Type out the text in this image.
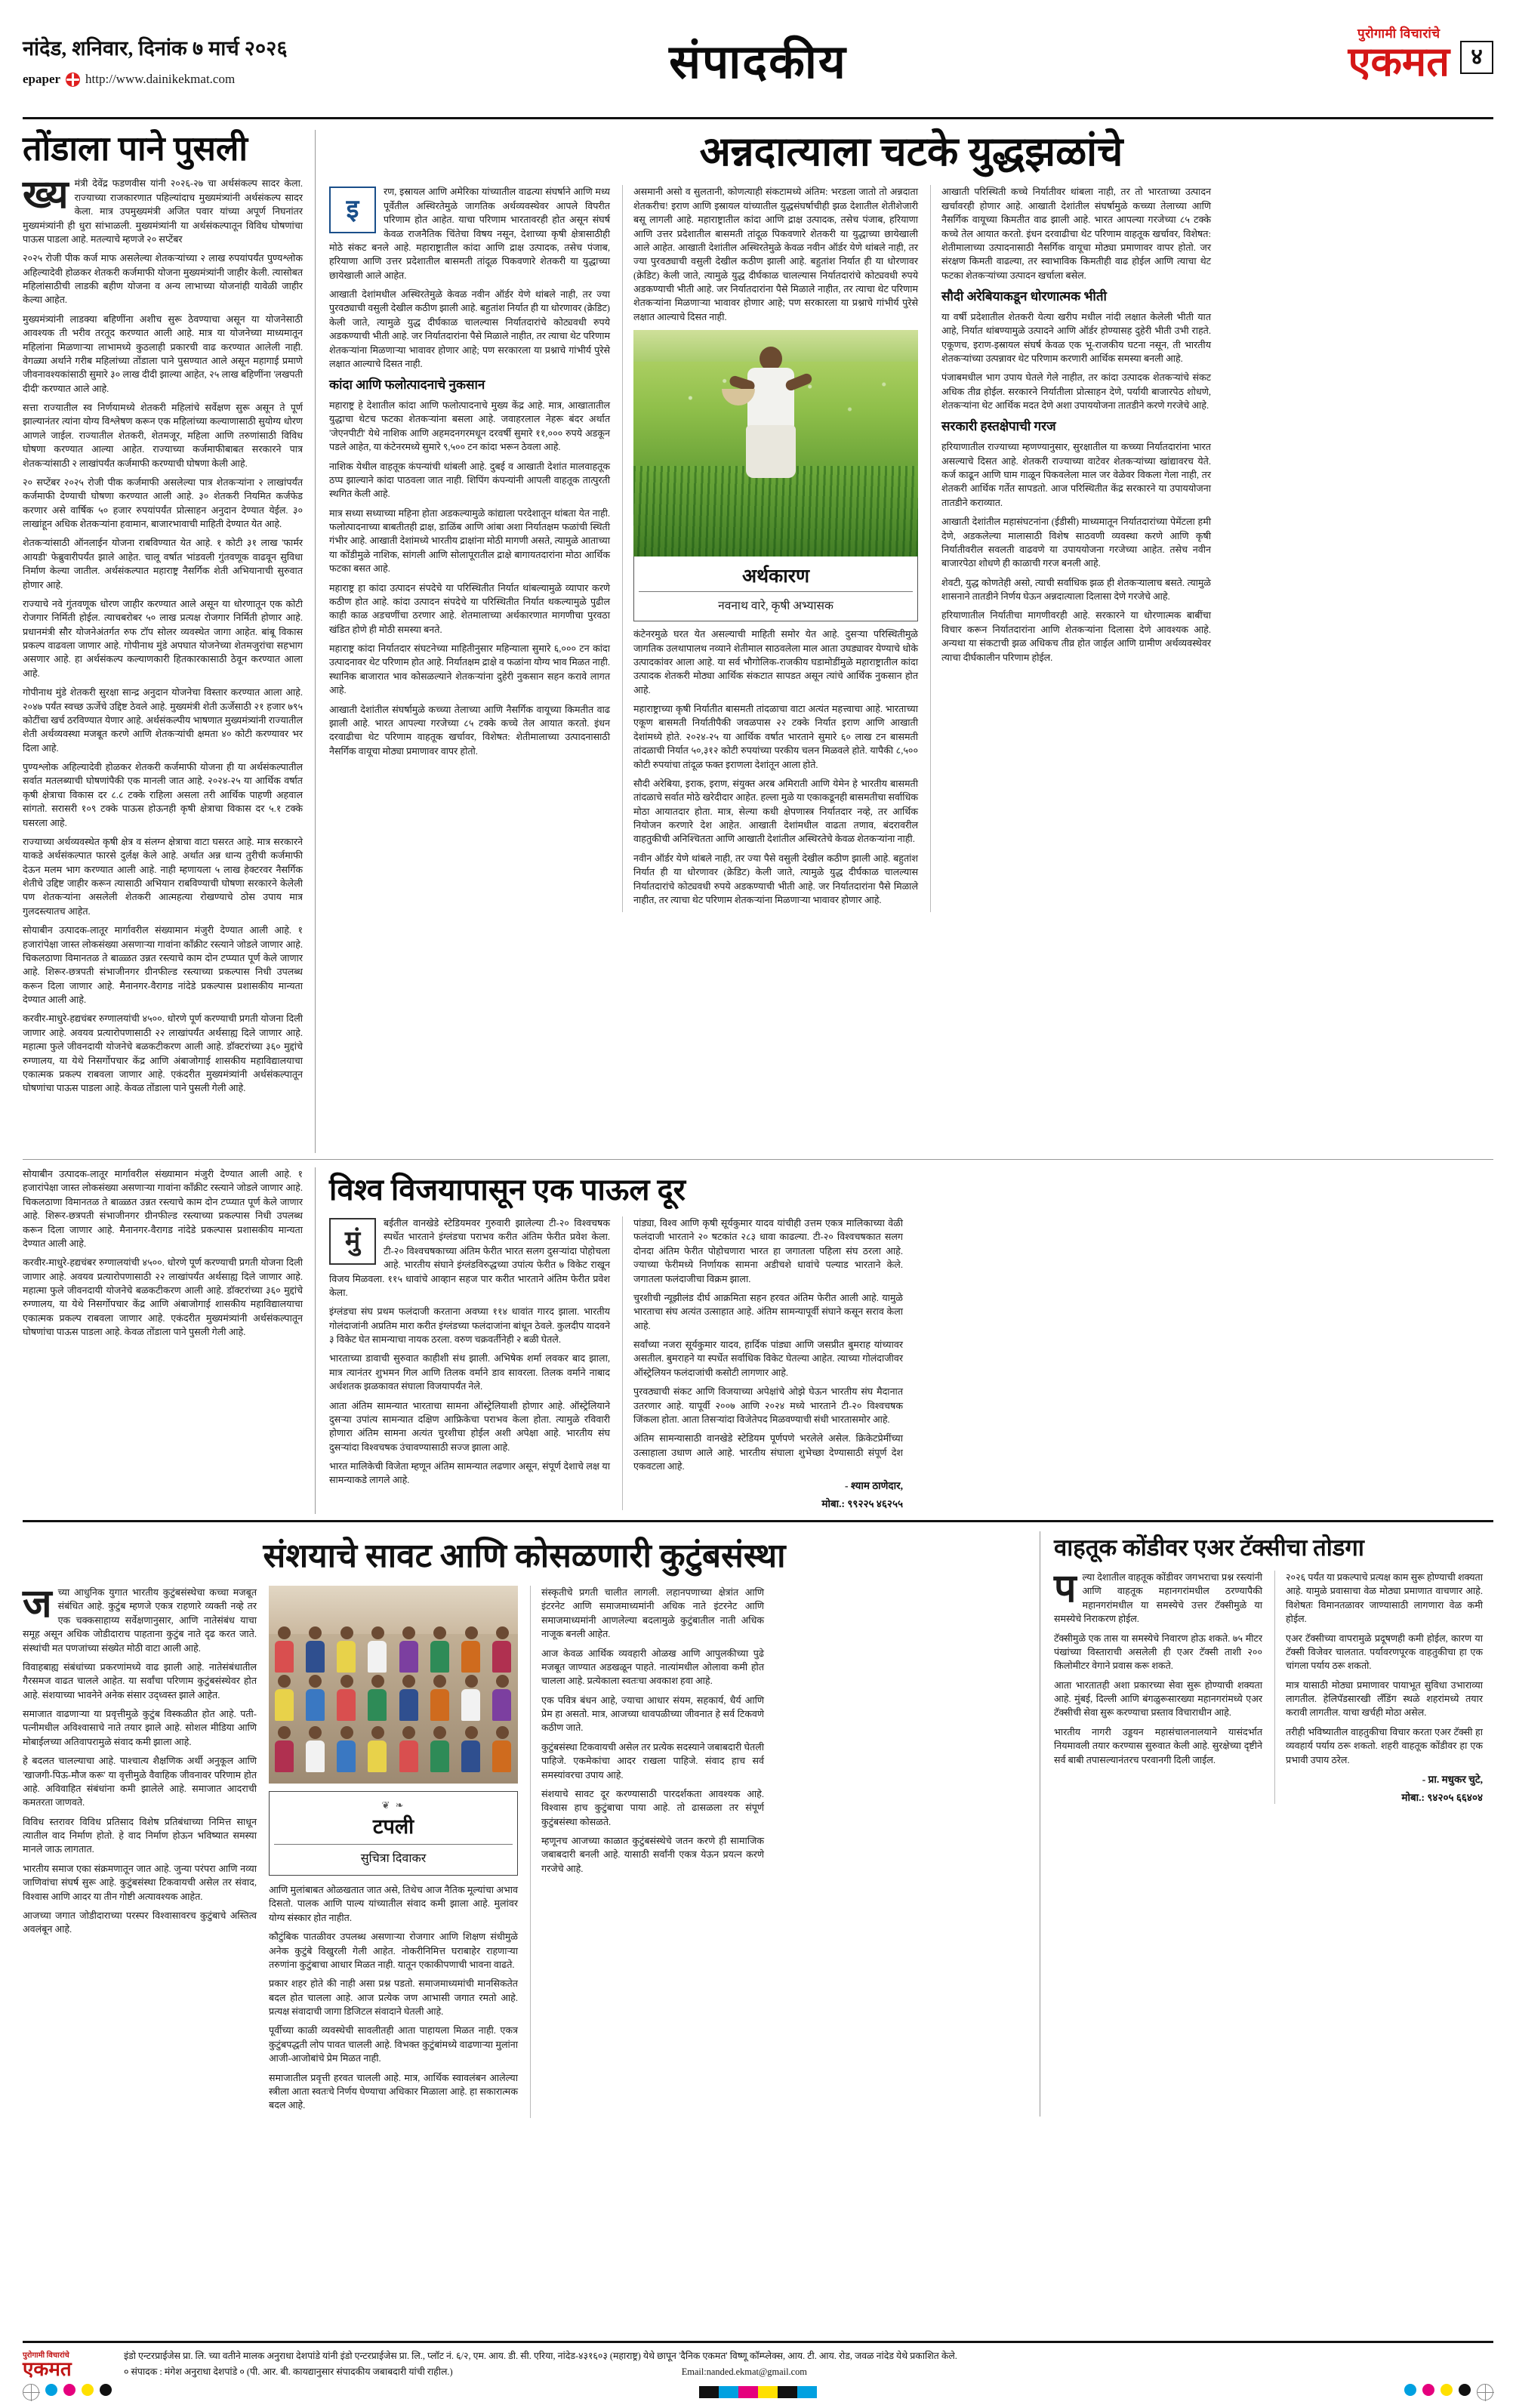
नांदेड, शनिवार, दिनांक ७ मार्च २०२६
epaper http://www.dainikekmat.com	संपादकीय
पुरोगामी विचारांचे
एकमत ४
तोंडाला पाने पुसली

ख्यमंत्री देवेंद्र फडणवीस यांनी २०२६-२७ चा अर्थसंकल्प सादर केला. राज्याच्या राजकारणात पहिल्यांदाच मुख्यमंत्र्यांनी अर्थसंकल्प सादर केला. मात्र उपमुख्यमंत्री अजित पवार यांच्या अपूर्ण निघनांतर मुख्यमंत्र्यांनी ही धुरा सांभाळली. मुख्यमंत्र्यांनी या अर्थसंकल्पातून विविध घोषणांचा पाऊस पाडला आहे. मतल्याचे म्हणजे २० सप्टेंबर

२०२५ रोजी पीक कर्ज माफ असलेल्या शेतकऱ्यांच्या २ लाख रुपयांपर्यंत पुण्यश्लोक अहिल्यादेवी होळकर शेतकरी कर्जमाफी योजना मुख्यमंत्र्यांनी जाहीर केली. त्यासोबत महिलांसाठीची लाडकी बहीण योजना व अन्य लाभाच्या योजनांही यावेळी जाहीर केल्या आहेत.

मुख्यमंत्र्यांनी लाडक्या बहिणींना अशीच सुरू ठेवण्याचा असून या योजनेसाठी आवश्यक ती भरीव तरतूद करण्यात आली आहे. मात्र या योजनेच्या माध्यमातून महिलांना मिळणाऱ्या लाभामध्ये कुठलाही प्रकारची वाढ करण्यात आलेली नाही. वेगळ्या अर्थाने गरीब महिलांच्या तोंडाला पाने पुसण्यात आले असून महागाई प्रमाणे जीवनावश्यकांसाठी सुमारे ३० लाख दीदी झाल्या आहेत, २५ लाख बहिणींना 'लखपती दीदी' करण्यात आले आहे.

सत्ता राज्यातील स्व निर्णयामध्ये शेतकरी महिलांचे सर्वेक्षण सुरू असून ते पूर्ण झाल्यानंतर त्यांना योग्य विश्लेषण करून एक महिलांच्या कल्याणासाठी सुयोग्य धोरण आणले जाईल. राज्यातील शेतकरी, शेतमजूर, महिला आणि तरुणांसाठी विविध घोषणा करण्यात आल्या आहेत. राज्याच्या कर्जमाफीबाबत सरकारने पात्र शेतकऱ्यांसाठी २ लाखांपर्यंत कर्जमाफी करण्याची घोषणा केली आहे.

२० सप्टेंबर २०२५ रोजी पीक कर्जमाफी असलेल्या पात्र शेतकऱ्यांना २ लाखांपर्यंत कर्जमाफी देण्याची घोषणा करण्यात आली आहे. ३० शेतकरी नियमित कर्जफेड करणार असे वार्षिक ५० हजार रुपयांपर्यंत प्रोत्साहन अनुदान देण्यात येईल. ३० लाखांहून अधिक शेतकऱ्यांना हवामान, बाजारभावाची माहिती देण्यात येत आहे.

शेतकऱ्यांसाठी ऑनलाईन योजना राबविण्यात येत आहे. १ कोटी ३१ लाख 'फार्मर आयडी' फेब्रुवारीपर्यंत झाले आहेत. चालू वर्षात भांडवली गुंतवणूक वाढवून सुविधा निर्माण केल्या जातील. अर्थसंकल्पात महाराष्ट्र नैसर्गिक शेती अभियानाची सुरुवात होणार आहे.

राज्याचे नवे गुंतवणूक धोरण जाहीर करण्यात आले असून या धोरणातून एक कोटी रोजगार निर्मिती होईल. त्याचबरोबर ५० लाख प्रत्यक्ष रोजगार निर्मिती होणार आहे. प्रधानमंत्री सौर योजनेअंतर्गत रुफ टॉप सोलर व्यवस्थेत जागा आहेत. बांबू विकास प्रकल्प वाढवला जाणार आहे. गोपीनाथ मुंडे अपघात योजनेच्या शेतमजुरांचा सहभाग असणार आहे. हा अर्थसंकल्प कल्याणकारी हितकारकासाठी ठेवून करण्यात आला आहे.

गोपीनाथ मुंडे शेतकरी सुरक्षा सान्द्र अनुदान योजनेचा विस्तार करण्यात आला आहे. २०४७ पर्यंत स्वच्छ ऊर्जेचे उद्दिष्ट ठेवले आहे. मुख्यमंत्री शेती ऊर्जेसाठी २१ हजार ७९५ कोटींचा खर्च ठरविण्यात येणार आहे. अर्थसंकल्पीय भाषणात मुख्यमंत्र्यांनी राज्यातील शेती अर्थव्यवस्था मजबूत करणे आणि शेतकऱ्यांची क्षमता ४० कोटी करण्यावर भर दिला आहे.

पुण्यश्लोक अहिल्यादेवी होळकर शेतकरी कर्जमाफी योजना ही या अर्थसंकल्पातील सर्वात मतलब्याची घोषणांपैकी एक मानली जात आहे. २०२४-२५ या आर्थिक वर्षात कृषी क्षेत्राचा विकास दर ८.८ टक्के राहिला असला तरी आर्थिक पाहणी अहवाल सांगतो. सरासरी १०९ टक्के पाऊस होऊनही कृषी क्षेत्राचा विकास दर ५.१ टक्के घसरला आहे.

राज्याच्या अर्थव्यवस्थेत कृषी क्षेत्र व संलग्न क्षेत्राचा वाटा घसरत आहे. मात्र सरकारने याकडे अर्थसंकल्पात फारसे दुर्लक्ष केले आहे. अर्थात अन्न धान्य तुरीची कर्जमाफी देऊन मलम भाग करण्यात आली आहे. नाही म्हणायला ५ लाख हेक्टरवर नैसर्गिक शेतीचे उद्दिष्ट जाहीर करून त्यासाठी अभियान राबविण्याची घोषणा सरकारने केलेली पण शेतकऱ्यांना असलेली शेतकरी आत्महत्या रोखण्याचे ठोस उपाय मात्र गुलदस्त्यातच आहेत.

सोयाबीन उत्पादक-लातूर मार्गावरील संख्यामान मंजुरी देण्यात आली आहे. १ हजारांपेक्षा जास्त लोकसंख्या असणाऱ्या गावांना कॉंक्रीट रस्त्याने जोडले जाणार आहे. चिकलठाणा विमानतळ ते बाळ्ळत उन्नत रस्त्याचे काम दोन टप्प्यात पूर्ण केले जाणार आहे. शिरूर-छत्रपती संभाजीनगर ग्रीनफील्ड रस्त्याच्या प्रकल्पास निधी उपलब्ध करून दिला जाणार आहे. मैनानगर-वैरागड नांदेडे प्रकल्पास प्रशासकीय मान्यता देण्यात आली आहे.

करवीर-माधुरे-हद्यचंबर रुग्णालयांची ४५००. धोरणे पूर्ण करण्याची प्रगती योजना दिली जाणार आहे. अवयव प्रत्यारोपणासाठी २२ लाखांपर्यंत अर्थसाह्य दिले जाणार आहे. महात्मा फुले जीवनदायी योजनेचे बळकटीकरण आली आहे. डॉक्टरांच्या ३६० मुद्दांचे रुग्णालय, या येथे निसर्गोपचार केंद्र आणि अंबाजोगाई शासकीय महाविद्यालयाचा एकात्मक प्रकल्प राबवला जाणार आहे. एकंदरीत मुख्यमंत्र्यांनी अर्थसंकल्पातून घोषणांचा पाऊस पाडला आहे. केवळ तोंडाला पाने पुसली गेली आहे.

अन्नदात्याला चटके युद्धझळांचे
इ

रण, इस्रायल आणि अमेरिका यांच्यातील वाढत्या संघर्षाने आणि मध्य पूर्वेतील अस्थिरतेमुळे जागतिक अर्थव्यवस्थेवर आपले विपरीत परिणाम होत आहेत. याचा परिणाम भारतावरही होत असून संघर्ष केवळ राजनैतिक चिंतेचा विषय नसून, देशाच्या कृषी क्षेत्रासाठीही मोठे संकट बनले आहे. महाराष्ट्रातील कांदा आणि द्राक्ष उत्पादक, तसेच पंजाब, हरियाणा आणि उत्तर प्रदेशातील बासमती तांदूळ पिकवणारे शेतकरी या युद्धाच्या छायेखाली आले आहेत.

आखाती देशांमधील अस्थिरतेमुळे केवळ नवीन ऑर्डर येणे थांबले नाही, तर ज्या पुरवठ्याची वसुली देखील कठीण झाली आहे. बहुतांश निर्यात ही या धोरणावर (क्रेडिट) केली जाते, त्यामुळे युद्ध दीर्घकाळ चालल्यास निर्यातदारांचे कोट्यवधी रुपये अडकण्याची भीती आहे. जर निर्यातदारांना पैसे मिळाले नाहीत, तर त्याचा थेट परिणाम शेतकऱ्यांना मिळणाऱ्या भावावर होणार आहे; पण सरकारला या प्रश्नाचे गांभीर्य पुरेसे लक्षात आल्याचे दिसत नाही.

कांदा आणि फलोत्पादनाचे नुकसान

महाराष्ट्र हे देशातील कांदा आणि फलोत्पादनाचे मुख्य केंद्र आहे. मात्र, आखातातील युद्धाचा थेटच फटका शेतकऱ्यांना बसला आहे. जवाहरलाल नेहरू बंदर अर्थात 'जेएनपीटी' येथे नाशिक आणि अहमदनगरमधून दरवर्षी सुमारे ११,००० रुपये अडकून पडले आहेत, या कंटेनरमध्ये सुमारे ९,५०० टन कांदा भरून ठेवला आहे.

नाशिक येथील वाहतूक कंपन्यांची थांबली आहे. दुबई व आखाती देशांत मालवाहतूक ठप्प झाल्याने कांदा पाठवला जात नाही. शिपिंग कंपन्यांनी आपली वाहतूक तात्पुरती स्थगित केली आहे.

मात्र सध्या सध्याच्या महिना होता अडकल्यामुळे कांद्याला परदेशातून थांबता येत नाही. फलोत्पादनाच्या बाबतीतही द्राक्ष, डाळिंब आणि आंबा अशा निर्यातक्षम फळांची स्थिती गंभीर आहे. आखाती देशांमध्ये भारतीय द्राक्षांना मोठी मागणी असते, त्यामुळे आताच्या या कोंडीमुळे नाशिक, सांगली आणि सोलापूरातील द्राक्षे बागायतदारांना मोठा आर्थिक फटका बसत आहे.

महाराष्ट्र हा कांदा उत्पादन संपदेचे या परिस्थितीत निर्यात थांबल्यामुळे व्यापार करणे कठीण होत आहे. कांदा उत्पादन संपदेचे या परिस्थितीत निर्यात थकल्यामुळे पुढील काही काळ अडचणींचा ठरणार आहे. शेतमालाच्या अर्थकारणात मागणीचा पुरवठा खंडित होणे ही मोठी समस्या बनते.

महाराष्ट्र कांदा निर्यातदार संघटनेच्या माहितीनुसार महिन्याला सुमारे ६,००० टन कांदा उत्पादनावर थेट परिणाम होत आहे. निर्यातक्षम द्राक्षे व फळांना योग्य भाव मिळत नाही. स्थानिक बाजारात भाव कोसळल्याने शेतकऱ्यांना दुहेरी नुकसान सहन करावे लागत आहे.

आखाती देशांतील संघर्षामुळे कच्च्या तेलाच्या आणि नैसर्गिक वायूच्या किमतीत वाढ झाली आहे. भारत आपल्या गरजेच्या ८५ टक्के कच्चे तेल आयात करतो. इंधन दरवाढीचा थेट परिणाम वाहतूक खर्चावर, विशेषत: शेतीमालाच्या उत्पादनासाठी नैसर्गिक वायूचा मोठ्या प्रमाणावर वापर होतो.

असमानी असो व सुलतानी, कोणत्याही संकटामध्ये अंतिम: भरडला जातो तो अन्नदाता शेतकरीच! इराण आणि इस्रायल यांच्यातील युद्धसंघर्षाचीही झळ देशातील शेतीशेजारी बसू लागली आहे. महाराष्ट्रातील कांदा आणि द्राक्ष उत्पादक, तसेच पंजाब, हरियाणा आणि उत्तर प्रदेशातील बासमती तांदूळ पिकवणारे शेतकरी या युद्धाच्या छायेखाली आले आहेत. आखाती देशांतील अस्थिरतेमुळे केवळ नवीन ऑर्डर येणे थांबले नाही, तर ज्या पुरवठ्याची वसुली देखील कठीण झाली आहे. बहुतांश निर्यात ही या धोरणावर (क्रेडिट) केली जाते, त्यामुळे युद्ध दीर्घकाळ चालल्यास निर्यातदारांचे कोट्यवधी रुपये अडकण्याची भीती आहे. जर निर्यातदारांना पैसे मिळाले नाहीत, तर त्याचा थेट परिणाम शेतकऱ्यांना मिळणाऱ्या भावावर होणार आहे; पण सरकारला या प्रश्नाचे गांभीर्य पुरेसे लक्षात आल्याचे दिसत नाही.

अर्थकारण
नवनाथ वारे, कृषी अभ्यासक

कंटेनरमुळे घरत येत असल्याची माहिती समोर येत आहे. दुसऱ्या परिस्थितीमुळे जागतिक उलथापालथ नव्याने शेतीमाल साठवलेला माल आता उघड्यावर येण्याचे धोके उत्पादकांवर आला आहे. या सर्व भौगोलिक-राजकीय घडामोडींमुळे महाराष्ट्रातील कांदा उत्पादक शेतकरी मोठ्या आर्थिक संकटात सापडत असून त्यांचे आर्थिक नुकसान होत आहे.

महाराष्ट्राच्या कृषी निर्यातीत बासमती तांदळाचा वाटा अत्यंत महत्त्वाचा आहे. भारताच्या एकूण बासमती निर्यातीपैकी जवळपास २२ टक्के निर्यात इराण आणि आखाती देशांमध्ये होते. २०२४-२५ या आर्थिक वर्षात भारताने सुमारे ६० लाख टन बासमती तांदळाची निर्यात ५०,३१२ कोटी रुपयांच्या परकीय चलन मिळवले होते. यापैकी ८,५०० कोटी रुपयांचा तांदूळ फक्त इराणला देशांतून आला होते.

सौदी अरेबिया, इराक, इराण, संयुक्त अरब अमिराती आणि येमेन हे भारतीय बासमती तांदळाचे सर्वात मोठे खरेदीदार आहेत. हल्ला मुळे या एकाकडूनही बासमतीचा सर्वाधिक मोठा आयातदार होता. मात्र, सेल्या कधी क्षेपणास्त्र निर्यातदार नव्हे, तर आर्थिक नियोजन करणारे देश आहेत. आखाती देशांमधील वाढता तणाव, बंदरावरील वाहतुकीची अनिश्चितता आणि आखाती देशांतील अस्थिरतेचे केवळ शेतकऱ्यांना नाही.

नवीन ऑर्डर येणे थांबले नाही, तर ज्या पैसे वसुली देखील कठीण झाली आहे. बहुतांश निर्यात ही या धोरणावर (क्रेडिट) केली जाते, त्यामुळे युद्ध दीर्घकाळ चालल्यास निर्यातदारांचे कोट्यवधी रुपये अडकण्याची भीती आहे. जर निर्यातदारांना पैसे मिळाले नाहीत, तर त्याचा थेट परिणाम शेतकऱ्यांना मिळणाऱ्या भावावर होणार आहे.

आखाती परिस्थिती कच्चे निर्यातीवर थांबला नाही, तर तो भारताच्या उत्पादन खर्चावरही होणार आहे. आखाती देशांतील संघर्षामुळे कच्च्या तेलाच्या आणि नैसर्गिक वायूच्या किमतीत वाढ झाली आहे. भारत आपल्या गरजेच्या ८५ टक्के कच्चे तेल आयात करतो. इंधन दरवाढीचा थेट परिणाम वाहतूक खर्चावर, विशेषत: शेतीमालाच्या उत्पादनासाठी नैसर्गिक वायूचा मोठ्या प्रमाणावर वापर होतो. जर संरक्षण किमती वाढल्या, तर स्वाभाविक किमतीही वाढ होईल आणि त्याचा थेट फटका शेतकऱ्यांच्या उत्पादन खर्चाला बसेल.

सौदी अरेबियाकडून धोरणात्मक भीती

या वर्षी प्रदेशातील शेतकरी येत्या खरीप मधील नांदी लक्षात केलेली भीती यात आहे, निर्यात थांबण्यामुळे उत्पादने आणि ऑर्डर होण्यासह दुहेरी भीती उभी राहते. एकूणच, इराण-इस्रायल संघर्ष केवळ एक भू-राजकीय घटना नसून, ती भारतीय शेतकऱ्यांच्या उत्पन्नावर थेट परिणाम करणारी आर्थिक समस्या बनली आहे.

पंजाबमधील भाग उपाय घेतले गेले नाहीत, तर कांदा उत्पादक शेतकऱ्यांचे संकट अधिक तीव्र होईल. सरकारने निर्यातीला प्रोत्साहन देणे, पर्यायी बाजारपेठ शोधणे, शेतकऱ्यांना थेट आर्थिक मदत देणे अशा उपाययोजना तातडीने करणे गरजेचे आहे.

सरकारी हस्तक्षेपाची गरज

हरियाणातील राज्याच्या म्हणण्यानुसार, सुरक्षातील या कच्च्या निर्यातदारांना भारत असल्याचे दिसत आहे. शेतकरी राज्याच्या वाटेवर शेतकऱ्यांच्या खांद्यावरच येते. कर्ज काढून आणि घाम गाळून पिकवलेला माल जर वेळेवर विकला गेला नाही, तर शेतकरी आर्थिक गर्तेत सापडतो. आज परिस्थितीत केंद्र सरकारने या उपाययोजना तातडीने कराव्यात.

आखाती देशांतील महासंघटनांना (ईडीसी) माध्यमातून निर्यातदारांच्या पेमेंटला हमी देणे, अडकलेल्या मालासाठी विशेष साठवणी व्यवस्था करणे आणि कृषी निर्यातीवरील सवलती वाढवणे या उपाययोजना गरजेच्या आहेत. तसेच नवीन बाजारपेठा शोधणे ही काळाची गरज बनली आहे.

शेवटी, युद्ध कोणतेही असो, त्याची सर्वाधिक झळ ही शेतकऱ्यालाच बसते. त्यामुळे शासनाने तातडीने निर्णय घेऊन अन्नदात्याला दिलासा देणे गरजेचे आहे.

हरियाणातील निर्यातीचा मागणीवरही आहे. सरकारने या धोरणात्मक बाबींचा विचार करून निर्यातदारांना आणि शेतकऱ्यांना दिलासा देणे आवश्यक आहे. अन्यथा या संकटाची झळ अधिकच तीव्र होत जाईल आणि ग्रामीण अर्थव्यवस्थेवर त्याचा दीर्घकालीन परिणाम होईल.

सोयाबीन उत्पादक-लातूर मार्गावरील संख्यामान मंजुरी देण्यात आली आहे. १ हजारांपेक्षा जास्त लोकसंख्या असणाऱ्या गावांना कॉंक्रीट रस्त्याने जोडले जाणार आहे. चिकलठाणा विमानतळ ते बाळ्ळत उन्नत रस्त्याचे काम दोन टप्प्यात पूर्ण केले जाणार आहे. शिरूर-छत्रपती संभाजीनगर ग्रीनफील्ड रस्त्याच्या प्रकल्पास निधी उपलब्ध करून दिला जाणार आहे. मैनानगर-वैरागड नांदेडे प्रकल्पास प्रशासकीय मान्यता देण्यात आली आहे.

करवीर-माधुरे-हद्यचंबर रुग्णालयांची ४५००. धोरणे पूर्ण करण्याची प्रगती योजना दिली जाणार आहे. अवयव प्रत्यारोपणासाठी २२ लाखांपर्यंत अर्थसाह्य दिले जाणार आहे. महात्मा फुले जीवनदायी योजनेचे बळकटीकरण आली आहे. डॉक्टरांच्या ३६० मुद्दांचे रुग्णालय, या येथे निसर्गोपचार केंद्र आणि अंबाजोगाई शासकीय महाविद्यालयाचा एकात्मक प्रकल्प राबवला जाणार आहे. एकंदरीत मुख्यमंत्र्यांनी अर्थसंकल्पातून घोषणांचा पाऊस पाडला आहे. केवळ तोंडाला पाने पुसली गेली आहे.

विश्व विजयापासून एक पाऊल दूर
मुं

बईतील वानखेडे स्टेडियमवर गुरुवारी झालेल्या टी-२० विश्वचषक स्पर्धेत भारताने इंग्लंडचा पराभव करीत अंतिम फेरीत प्रवेश केला. टी-२० विश्वचषकाच्या अंतिम फेरीत भारत सलग दुसऱ्यांदा पोहोचला आहे. भारतीय संघाने इंग्लंडविरुद्धच्या उपांत्य फेरीत ७ विकेट राखून विजय मिळवला. ११५ धावांचे आव्हान सहज पार करीत भारताने अंतिम फेरीत प्रवेश केला.

इंग्लंडचा संघ प्रथम फलंदाजी करताना अवघ्या ११४ धावांत गारद झाला. भारतीय गोलंदाजांनी अप्रतिम मारा करीत इंग्लंडच्या फलंदाजांना बांधून ठेवले. कुलदीप यादवने ३ विकेट घेत सामन्याचा नायक ठरला. वरुण चक्रवर्तीनेही २ बळी घेतले.

भारताच्या डावाची सुरुवात काहीशी संथ झाली. अभिषेक शर्मा लवकर बाद झाला, मात्र त्यानंतर शुभमन गिल आणि तिलक वर्माने डाव सावरला. तिलक वर्माने नाबाद अर्धशतक झळकावत संघाला विजयापर्यंत नेले.

आता अंतिम सामन्यात भारताचा सामना ऑस्ट्रेलियाशी होणार आहे. ऑस्ट्रेलियाने दुसऱ्या उपांत्य सामन्यात दक्षिण आफ्रिकेचा पराभव केला होता. त्यामुळे रविवारी होणारा अंतिम सामना अत्यंत चुरशीचा होईल अशी अपेक्षा आहे. भारतीय संघ दुसऱ्यांदा विश्वचषक उंचावण्यासाठी सज्ज झाला आहे.

भारत मालिकेची विजेता म्हणून अंतिम सामन्यात लढणार असून, संपूर्ण देशाचे लक्ष या सामन्याकडे लागले आहे.

पांड्या, विश्व आणि कृषी सूर्यकुमार यादव यांचीही उत्तम एकत्र मालिकाच्या वेळी फलंदाजी भारताने २० षटकांत २८३ धावा काढल्या. टी-२० विश्वचषकात सलग दोनदा अंतिम फेरीत पोहोचणारा भारत हा जगातला पहिला संघ ठरला आहे. ज्याच्या फेरीमध्ये निर्णायक सामना अडीचशे धावांचे पल्याड भारताने केले. जगातला फलंदाजीचा विक्रम झाला.

चुरशीची न्यूझीलंड दीर्घ आक्रमिता सहन हरवत अंतिम फेरीत आली आहे. यामुळे भारताचा संघ अत्यंत उत्साहात आहे. अंतिम सामन्यापूर्वी संघाने कसून सराव केला आहे.

सर्वांच्या नजरा सूर्यकुमार यादव, हार्दिक पांड्या आणि जसप्रीत बुमराह यांच्यावर असतील. बुमराहने या स्पर्धेत सर्वाधिक विकेट घेतल्या आहेत. त्याच्या गोलंदाजीवर ऑस्ट्रेलियन फलंदाजांची कसोटी लागणार आहे.

पुरवठ्याची संकट आणि विजयाच्या अपेक्षांचे ओझे घेऊन भारतीय संघ मैदानात उतरणार आहे. यापूर्वी २००७ आणि २०२४ मध्ये भारताने टी-२० विश्वचषक जिंकला होता. आता तिसऱ्यांदा विजेतेपद मिळवण्याची संधी भारतासमोर आहे.

अंतिम सामन्यासाठी वानखेडे स्टेडियम पूर्णपणे भरलेले असेल. क्रिकेटप्रेमींच्या उत्साहाला उधाण आले आहे. भारतीय संघाला शुभेच्छा देण्यासाठी संपूर्ण देश एकवटला आहे.

- श्याम ठाणेदार,
मोबा.: ९९२२५ ४६२५५
संशयाचे सावट आणि कोसळणारी कुटुंबसंस्था

जच्या आधुनिक युगात भारतीय कुटुंबसंस्थेचा कच्चा मजबूत संबंधित आहे. कुटुंब म्हणजे एकत्र राहणारे व्यक्ती नव्हे तर एक चक्कसाहाय्य सर्वेक्षणानुसार, आणि नातेसंबंध याचा समूह असून अधिक जोडीदाराच पाहताना कुटुंब नाते दृढ करत जाते. संस्थांची मत पणजांच्या संख्येत मोठी वाटा आली आहे.

विवाहबाह्य संबंधांच्या प्रकरणांमध्ये वाढ झाली आहे. नातेसंबंधातील गैरसमज वाढत चालले आहेत. या सर्वांचा परिणाम कुटुंबसंस्थेवर होत आहे. संशयाच्या भावनेने अनेक संसार उद्ध्वस्त झाले आहेत.

समाजात वाढणाऱ्या या प्रवृत्तीमुळे कुटुंब विस्कळीत होत आहे. पती-पत्नीमधील अविश्वासाचे नाते तयार झाले आहे. सोशल मीडिया आणि मोबाईलच्या अतिवापरामुळे संवाद कमी झाला आहे.

हे बदलत चालल्याचा आहे. पाश्चात्य शैक्षणिक अर्थी अनुकूल आणि 'खाजगी-पिऊ-मौज करू' या वृत्तीमुळे वैवाहिक जीवनावर परिणाम होत आहे. अविवाहित संबंधांना कमी झालेले आहे. समाजात आदराची कमतरता जाणवते.

विविध स्तरावर विविध प्रतिसाद विशेष प्रतिबंधाच्या निमित्त साधून त्यातील वाद निर्माण होतो. हे वाद निर्माण होऊन भविष्यात समस्या मानले जाऊ लागतात.

भारतीय समाज एका संक्रमणातून जात आहे. जुन्या परंपरा आणि नव्या जाणिवांचा संघर्ष सुरू आहे. कुटुंबसंस्था टिकवायची असेल तर संवाद, विश्वास आणि आदर या तीन गोष्टी अत्यावश्यक आहेत.

आजच्या जगात जोडीदाराच्या परस्पर विश्वासावरच कुटुंबाचे अस्तित्व अवलंबून आहे.

❦ ❧
टपली
सुचित्रा दिवाकर

आणि मुलांबाबत ओळखतात जात असे, तिथेच आज नैतिक मूल्यांचा अभाव दिसतो. पालक आणि पाल्य यांच्यातील संवाद कमी झाला आहे. मुलांवर योग्य संस्कार होत नाहीत.

कौटुंबिक पातळीवर उपलब्ध असणाऱ्या रोजगार आणि शिक्षण संधीमुळे अनेक कुटुंबे विखुरली गेली आहेत. नोकरीनिमित्त घराबाहेर राहणाऱ्या तरुणांना कुटुंबाचा आधार मिळत नाही. यातून एकाकीपणाची भावना वाढते.

प्रकार शहर होते की नाही असा प्रश्न पडतो. समाजमाध्यमांची मानसिकतेत बदल होत चालला आहे. आज प्रत्येक जण आभासी जगात रमतो आहे. प्रत्यक्ष संवादाची जागा डिजिटल संवादाने घेतली आहे.

पूर्वीच्या काळी व्यवस्थेची सावलीतही आता पाहायला मिळत नाही. एकत्र कुटुंबपद्धती लोप पावत चालली आहे. विभक्त कुटुंबांमध्ये वाढणाऱ्या मुलांना आजी-आजोबांचे प्रेम मिळत नाही.

समाजातील प्रवृत्ती हरवत चालली आहे. मात्र, आर्थिक स्वावलंबन आलेल्या स्त्रीला आता स्वतःचे निर्णय घेण्याचा अधिकार मिळाला आहे. हा सकारात्मक बदल आहे.

संस्कृतीचे प्रगती चालीत लागली. लहानपणाच्या क्षेत्रांत आणि इंटरनेट आणि समाजमाध्यमांनी अधिक नाते इंटरनेट आणि समाजमाध्यमांनी आणलेल्या बदलामुळे कुटुंबातील नाती अधिक नाजूक बनली आहेत.

आज केवळ आर्थिक व्यवहारी ओळख आणि आपुलकीच्या पुढे मजबूत जाण्यात अडखळून पाहते. नात्यांमधील ओलावा कमी होत चालला आहे. प्रत्येकाला स्वतःचा अवकाश हवा आहे.

एक पवित्र बंधन आहे, ज्याचा आधार संयम, सहकार्य, धैर्य आणि प्रेम हा असतो. मात्र, आजच्या धावपळीच्या जीवनात हे सर्व टिकवणे कठीण जाते.

कुटुंबसंस्था टिकवायची असेल तर प्रत्येक सदस्याने जबाबदारी घेतली पाहिजे. एकमेकांचा आदर राखला पाहिजे. संवाद हाच सर्व समस्यांवरचा उपाय आहे.

संशयाचे सावट दूर करण्यासाठी पारदर्शकता आवश्यक आहे. विश्वास हाच कुटुंबाचा पाया आहे. तो ढासळला तर संपूर्ण कुटुंबसंस्था कोसळते.

म्हणूनच आजच्या काळात कुटुंबसंस्थेचे जतन करणे ही सामाजिक जबाबदारी बनली आहे. यासाठी सर्वांनी एकत्र येऊन प्रयत्न करणे गरजेचे आहे.

वाहतूक कोंडीवर एअर टॅक्सीचा तोडगा

पल्या देशातील वाहतूक कोंडीवर जगभराचा प्रश्न रस्त्यांनी आणि वाहतूक महानगरांमधील ठरण्यापैकी महानगरांमधील या समस्येचे उत्तर टॅक्सीमुळे या समस्येचे निराकरण होईल.

टॅक्सीमुळे एक तास या समस्येचे निवारण होऊ शकते. ७५ मीटर पंखांच्या विस्ताराची असलेली ही एअर टॅक्सी ताशी २०० किलोमीटर वेगाने प्रवास करू शकते.

आता भारतातही अशा प्रकारच्या सेवा सुरू होण्याची शक्यता आहे. मुंबई, दिल्ली आणि बंगळुरूसारख्या महानगरांमध्ये एअर टॅक्सीची सेवा सुरू करण्याचा प्रस्ताव विचाराधीन आहे.

भारतीय नागरी उड्डयन महासंचालनालयाने यासंदर्भात नियमावली तयार करण्यास सुरुवात केली आहे. सुरक्षेच्या दृष्टीने सर्व बाबी तपासल्यानंतरच परवानगी दिली जाईल.

२०२६ पर्यंत या प्रकल्पाचे प्रत्यक्ष काम सुरू होण्याची शक्यता आहे. यामुळे प्रवासाचा वेळ मोठ्या प्रमाणात वाचणार आहे. विशेषतः विमानतळावर जाण्यासाठी लागणारा वेळ कमी होईल.

एअर टॅक्सीच्या वापरामुळे प्रदूषणही कमी होईल, कारण या टॅक्सी विजेवर चालतात. पर्यावरणपूरक वाहतुकीचा हा एक चांगला पर्याय ठरू शकतो.

मात्र यासाठी मोठ्या प्रमाणावर पायाभूत सुविधा उभाराव्या लागतील. हेलिपॅडसारखी लँडिंग स्थळे शहरांमध्ये तयार करावी लागतील. याचा खर्चही मोठा असेल.

तरीही भविष्यातील वाहतुकीचा विचार करता एअर टॅक्सी हा व्यवहार्य पर्याय ठरू शकतो. शहरी वाहतूक कोंडीवर हा एक प्रभावी उपाय ठरेल.

- प्रा. मधुकर चुटे,
मोबा.: ९४२०५ ६६४०४
पुरोगामी विचारांचे
एकमत
इंडो एन्टरप्राईजेस प्रा. लि. च्या वतीने मालक अनुराधा देशपांडे यांनी इंडो एन्टरप्राईजेस प्रा. लि., प्लॉट नं. ६/२, एम. आय. डी. सी. एरिया, नांदेड-४३१६०३ (महाराष्ट्र) येथे छापून 'दैनिक एकमत' विष्णू कॉम्प्लेक्स, आय. टी. आय. रोड, जवळ नांदेड येथे प्रकाशित केले.
० संपादक : मंगेश अनुराधा देशपांडे ० (पी. आर. बी. कायद्यानुसार संपादकीय जबाबदारी यांची राहील.)	Email:nanded.ekmat@gmail.com
